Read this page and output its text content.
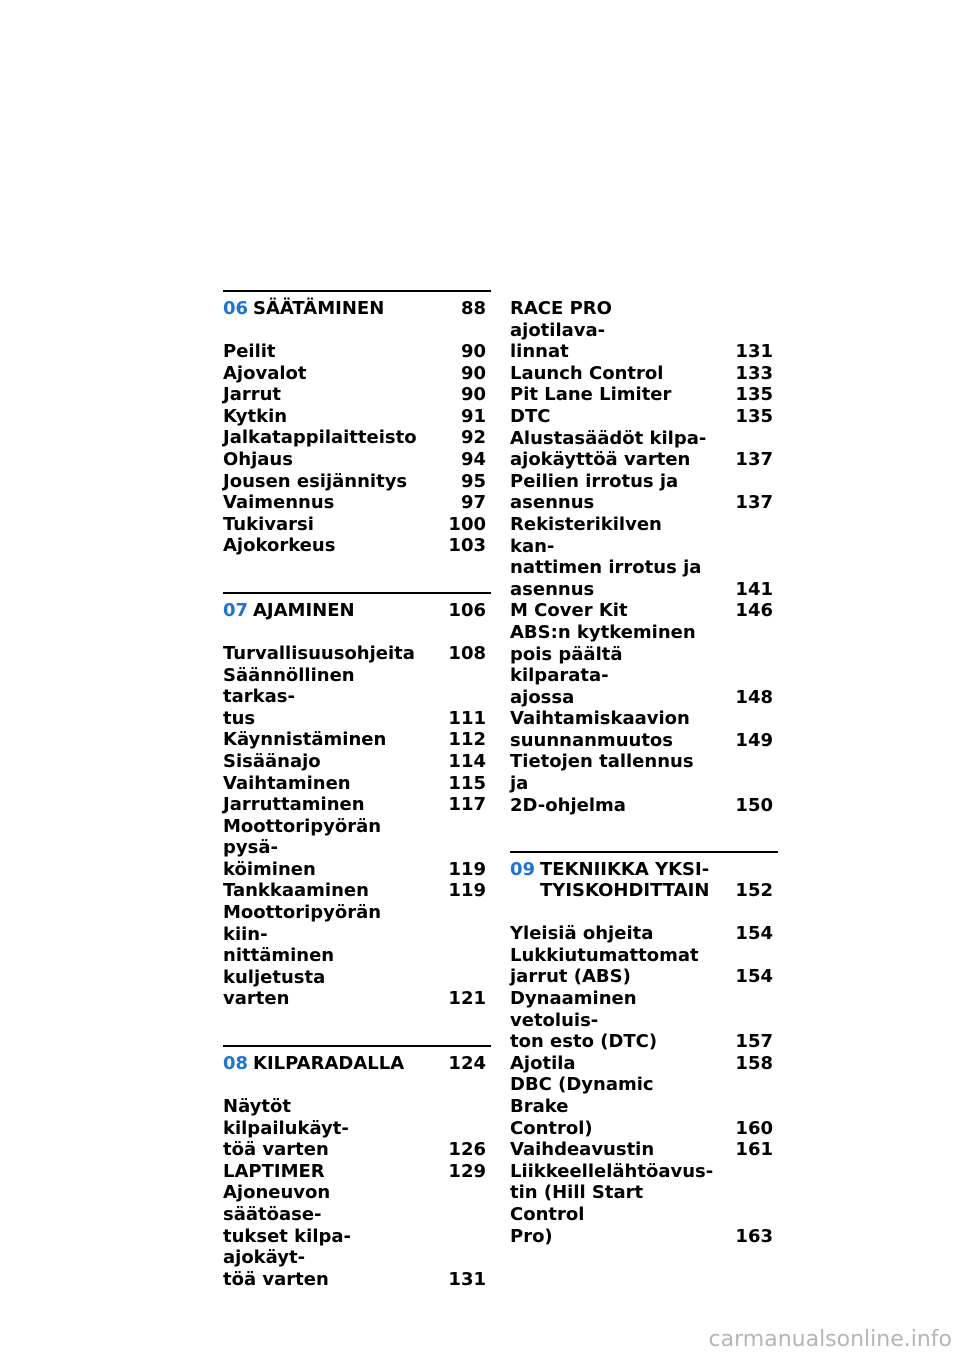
06 SÄÄTÄMINEN	88
Peilit	90
Ajovalot	90
Jarrut	90
Kytkin	91
Jalkatappilaitteisto	92
Ohjaus	94
Jousen esijännitys	95
Vaimennus	97
Tukivarsi	100
Ajokorkeus	103
07 AJAMINEN	106
Turvallisuusohjeita	108
Säännöllinen tarkas-
tus	111
Käynnistäminen	112
Sisäänajo	114
Vaihtaminen	115
Jarruttaminen	117
Moottoripyörän pysä-
köiminen	119
Tankkaaminen	119
Moottoripyörän kiin-
nittäminen kuljetusta
varten	121
08 KILPARADALLA 124
Näytöt kilpailukäyt-
töä varten	126
LAPTIMER	129
Ajoneuvon säätöase-
tukset kilpa-ajokäyt-
töä varten	131
RACE PRO ajotilava-
linnat	131
Launch Control	133
Pit Lane Limiter	135
DTC	135
Alustasäädöt kilpa-
ajokäyttöä varten	137
Peilien irrotus ja
asennus	137
Rekisterikilven kan-
nattimen irrotus ja
asennus	141
M Cover Kit	146
ABS:n kytkeminen
pois päältä kilparata-
ajossa	148
Vaihtamiskaavion
suunnanmuutos	149
Tietojen tallennus ja
2D-ohjelma	150
09 TEKNIIKKA YKSI-
TYISKOHDITTAIN 152
Yleisiä ohjeita	154
Lukkiutumattomat
jarrut (ABS)	154
Dynaaminen vetoluis-
ton esto (DTC)	157
Ajotila	158
DBC (Dynamic Brake
Control)	160
Vaihdeavustin	161
Liikkeellelähtöavus-
tin (Hill Start Control
Pro)	163
carmanualsonline.info
